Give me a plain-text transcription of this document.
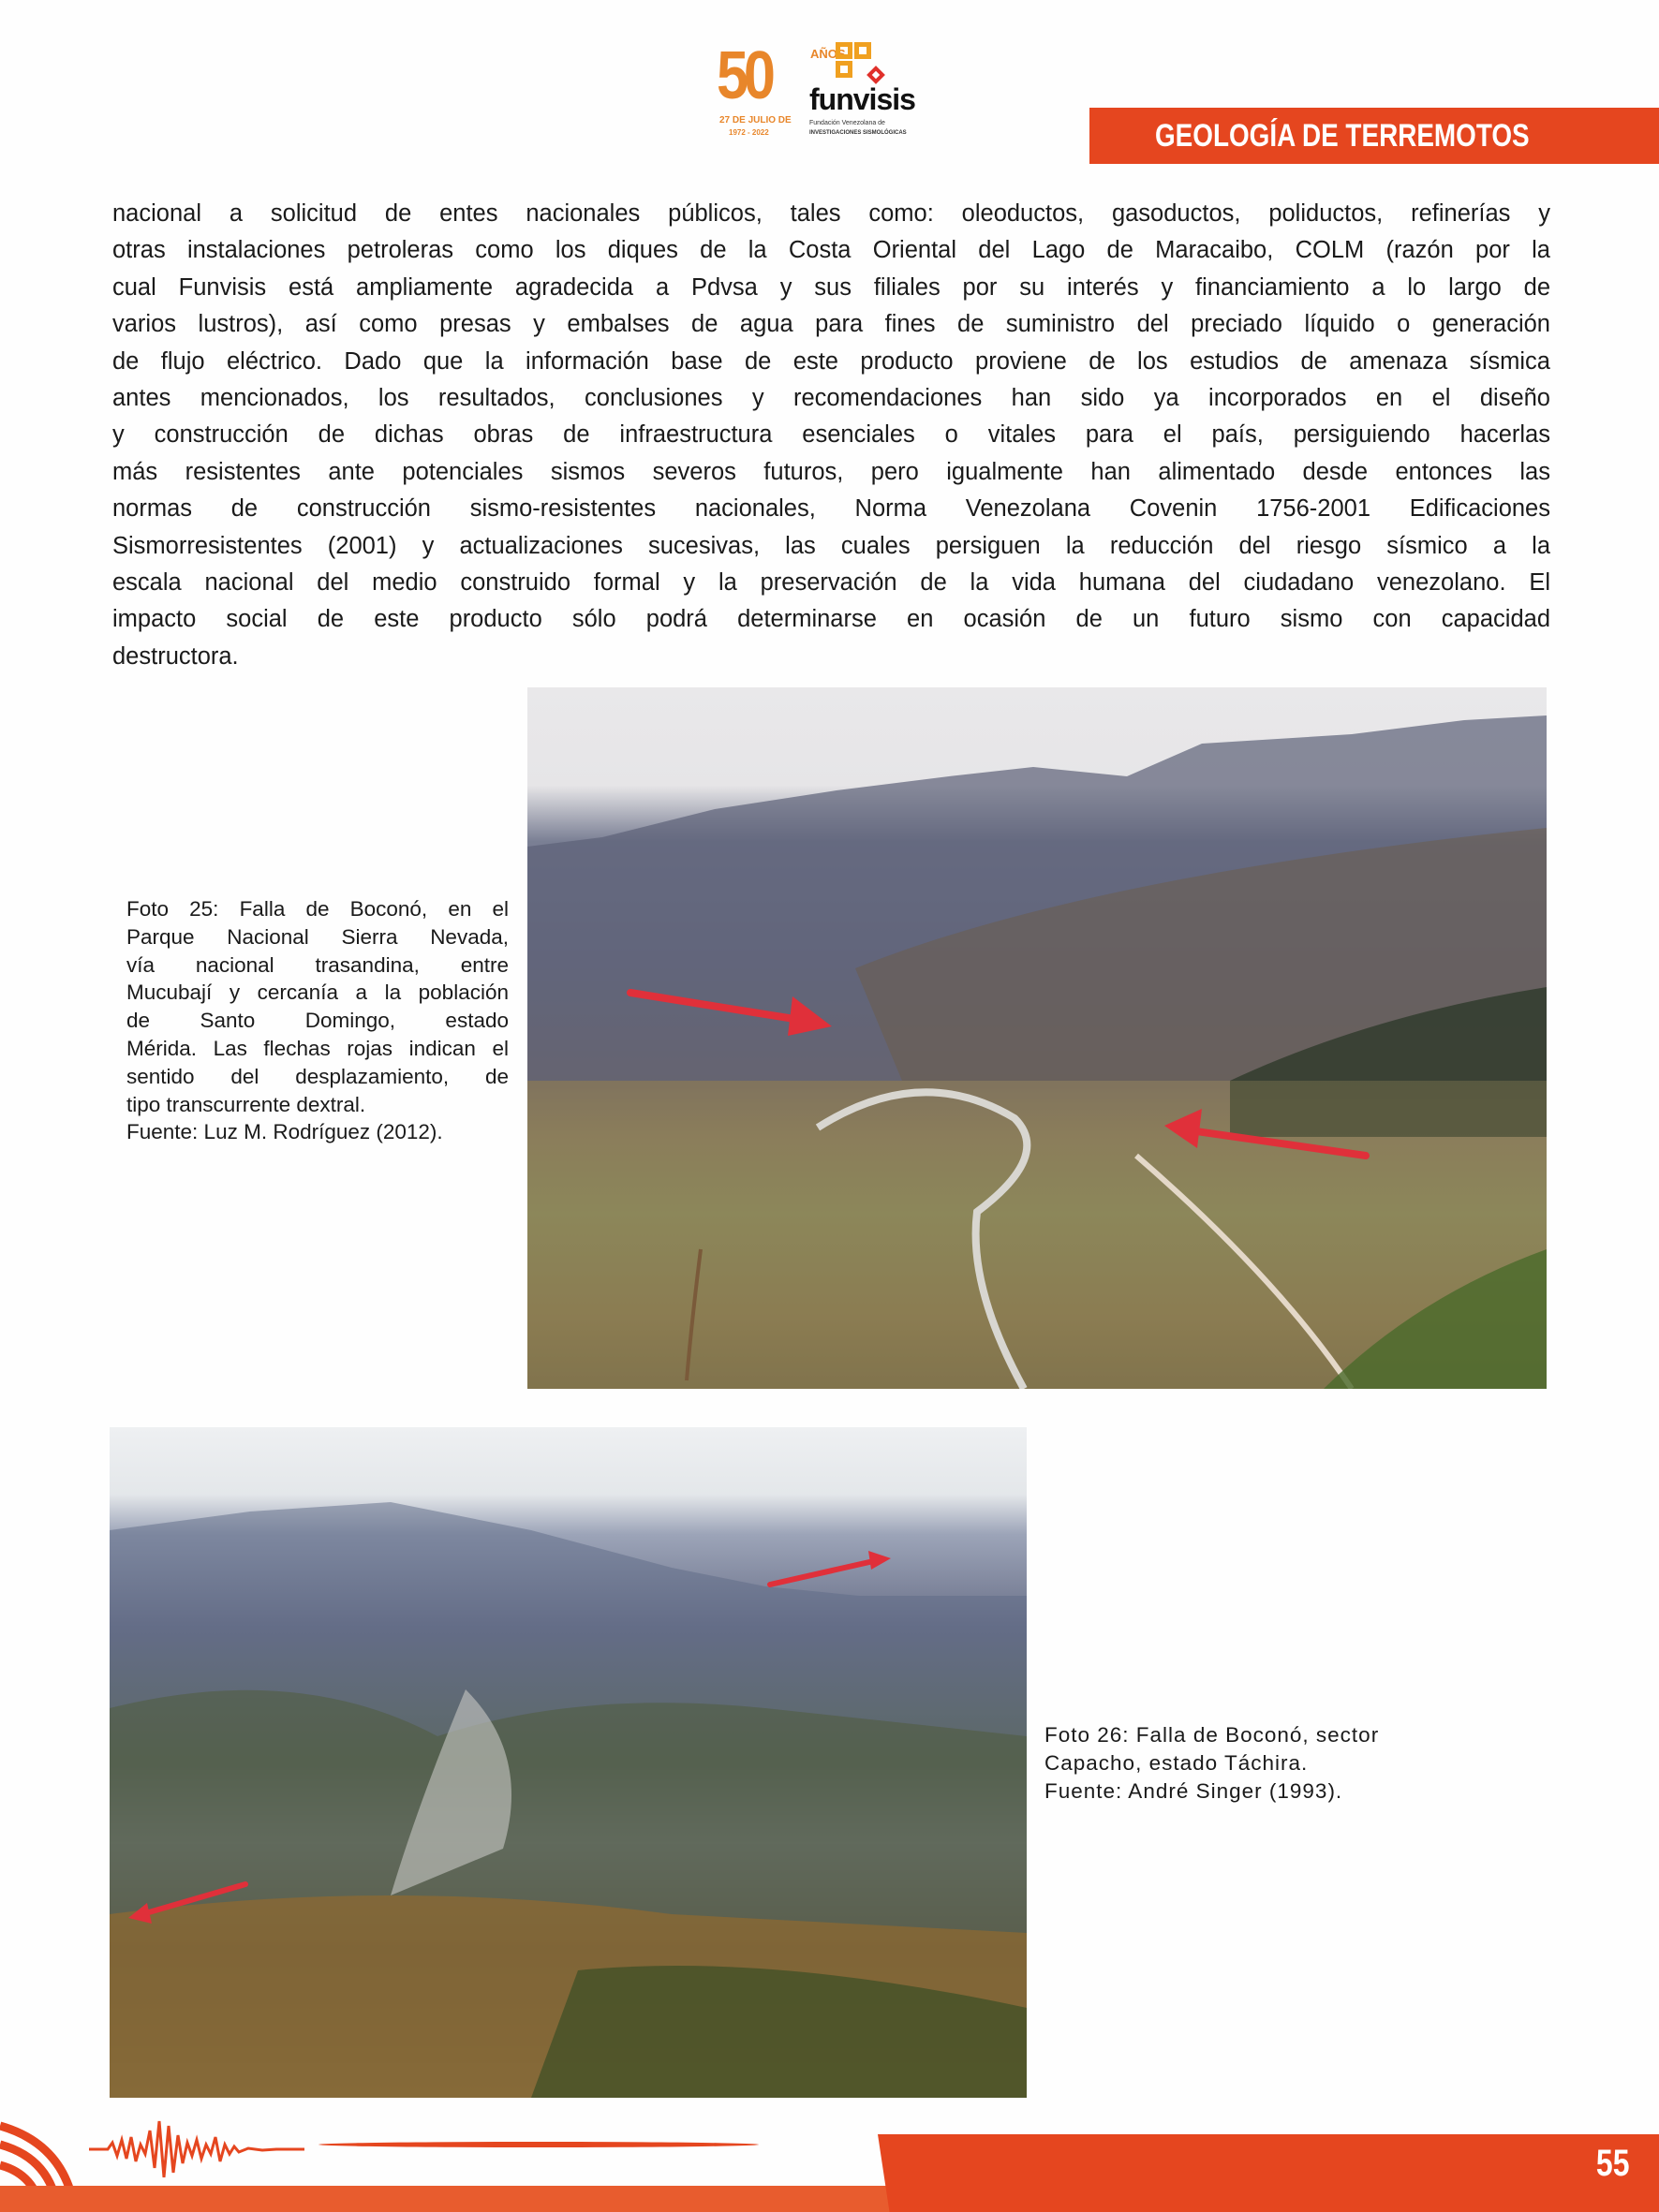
50	AÑOS
funvisis
Fundación Venezolana de
INVESTIGACIONES SISMOLÓGICAS
27 DE JULIO DE
1972 - 2022	GEOLOGÍA DE TERREMOTOS
nacional a solicitud de entes nacionales públicos, tales como: oleoductos, gasoductos, poliductos, refinerías y
otras instalaciones petroleras como los diques de la Costa Oriental del Lago de Maracaibo, COLM (razón por la
cual Funvisis está ampliamente agradecida a Pdvsa y sus filiales por su interés y financiamiento a lo largo de
varios lustros), así como presas y embalses de agua para fines de suministro del preciado líquido o generación
de flujo eléctrico. Dado que la información base de este producto proviene de los estudios de amenaza sísmica
antes mencionados, los resultados, conclusiones y recomendaciones han sido ya incorporados en el diseño
y construcción de dichas obras de infraestructura esenciales o vitales para el país, persiguiendo hacerlas
más resistentes ante potenciales sismos severos futuros, pero igualmente han alimentado desde entonces las
normas de construcción sismo-resistentes nacionales, Norma Venezolana Covenin 1756-2001 Edificaciones
Sismorresistentes (2001) y actualizaciones sucesivas, las cuales persiguen la reducción del riesgo sísmico a la
escala nacional del medio construido formal y la preservación de la vida humana del ciudadano venezolano. El
impacto social de este producto sólo podrá determinarse en ocasión de un futuro sismo con capacidad
destructora.
Foto 25: Falla de Boconó, en el
Parque Nacional Sierra Nevada,
vía nacional trasandina, entre
Mucubají y cercanía a la población
de Santo Domingo, estado
Mérida. Las flechas rojas indican el
sentido del desplazamiento, de
tipo transcurrente dextral.
Fuente: Luz M. Rodríguez (2012).
Foto 26: Falla de Boconó, sector
Capacho, estado Táchira.
Fuente: André Singer (1993).
55
